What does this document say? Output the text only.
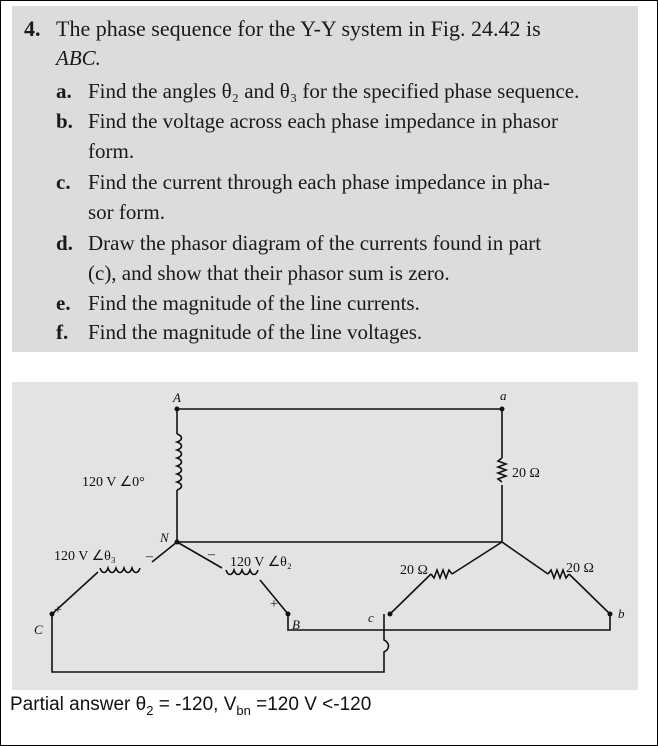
4. The phase sequence for the Y-Y system in Fig. 24.42 is
ABC.
a. Find the angles θ₂ and θ₃ for the specified phase sequence.
b. Find the voltage across each phase impedance in phasor
form.
c. Find the current through each phase impedance in pha-
sor form.
d. Draw the phasor diagram of the currents found in part
(c), and show that their phasor sum is zero.
e. Find the magnitude of the line currents.
f. Find the magnitude of the line voltages.
A	a
N
C	B	c	b
120 V ∠0°
120 V ∠θ₃ –
+
–
120 V ∠θ₂
+
20 Ω
20 Ω	20 Ω
Partial answer $\theta_2 = -120$, $V_{bn} =120$ V <-120
